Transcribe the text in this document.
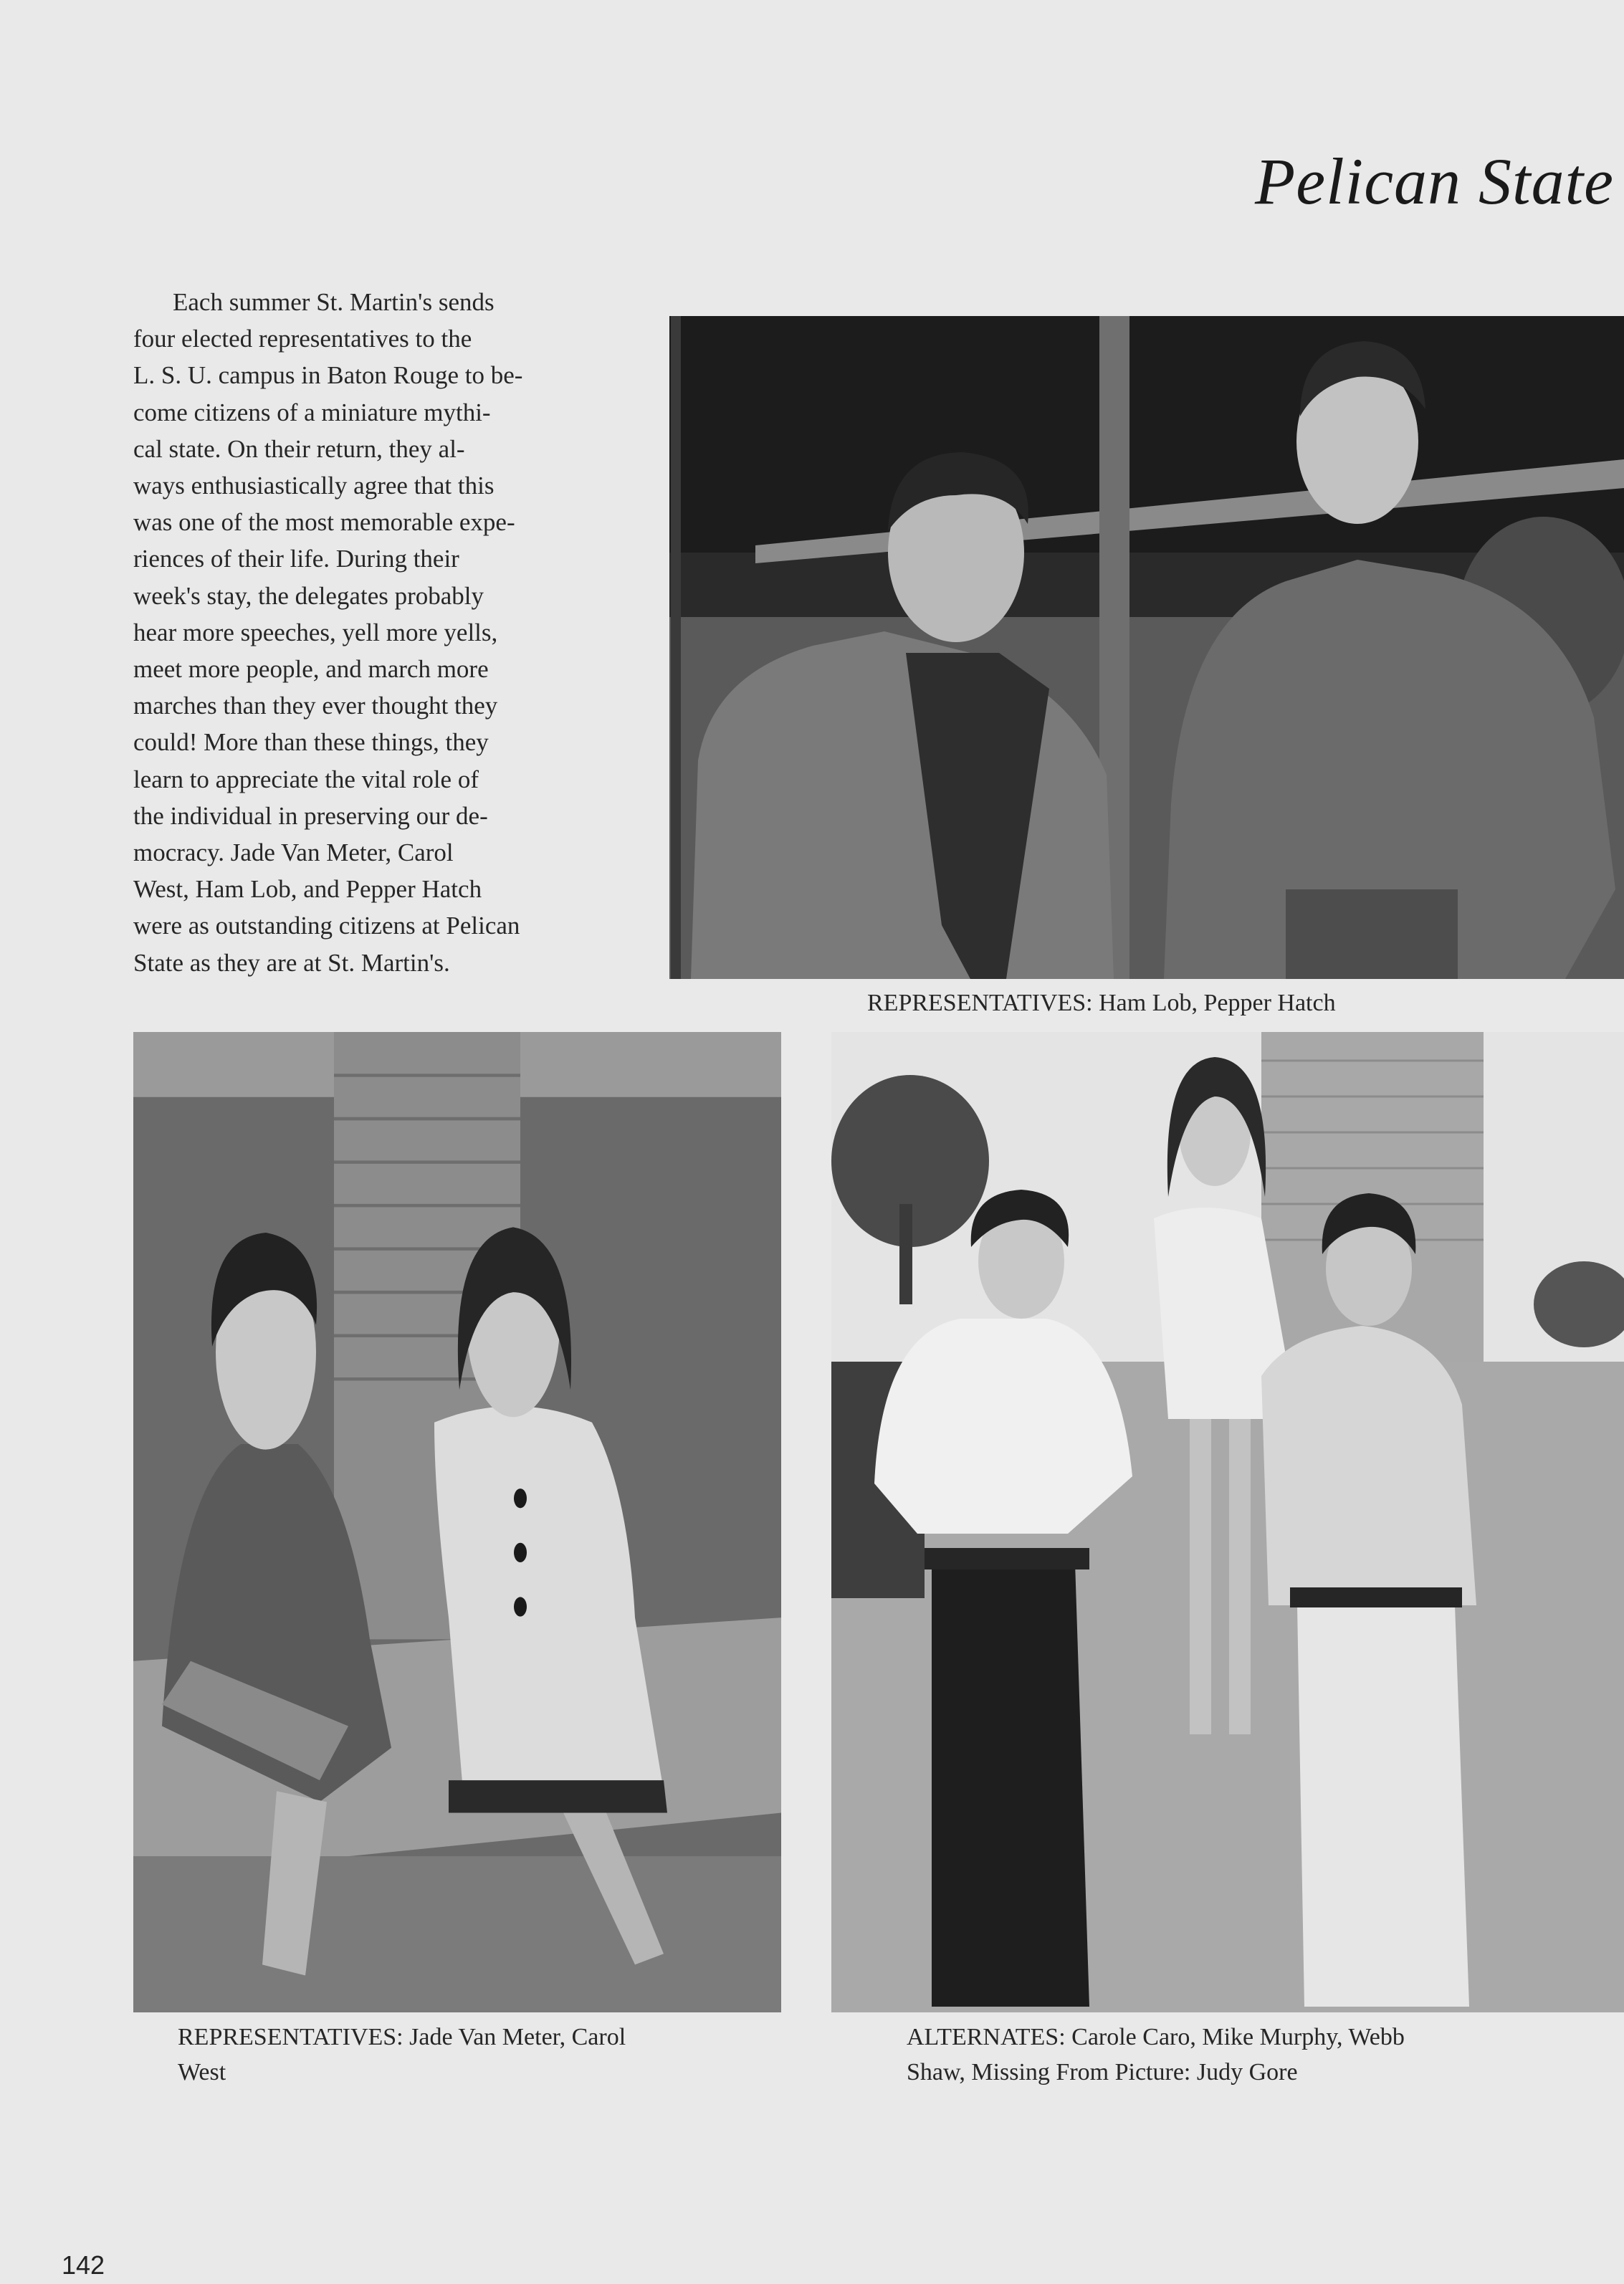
Pelican State
Each summer St. Martin's sends
four elected representatives to the
L. S. U. campus in Baton Rouge to be-
come citizens of a miniature mythi-
cal state. On their return, they al-
ways enthusiastically agree that this
was one of the most memorable expe-
riences of their life. During their
week's stay, the delegates probably
hear more speeches, yell more yells,
meet more people, and march more
marches than they ever thought they
could! More than these things, they
learn to appreciate the vital role of
the individual in preserving our de-
mocracy. Jade Van Meter, Carol
West, Ham Lob, and Pepper Hatch
were as outstanding citizens at Pelican
State as they are at St. Martin's.
REPRESENTATIVES: Ham Lob, Pepper Hatch
REPRESENTATIVES: Jade Van Meter, Carol
West
ALTERNATES: Carole Caro, Mike Murphy, Webb
Shaw, Missing From Picture: Judy Gore
142
